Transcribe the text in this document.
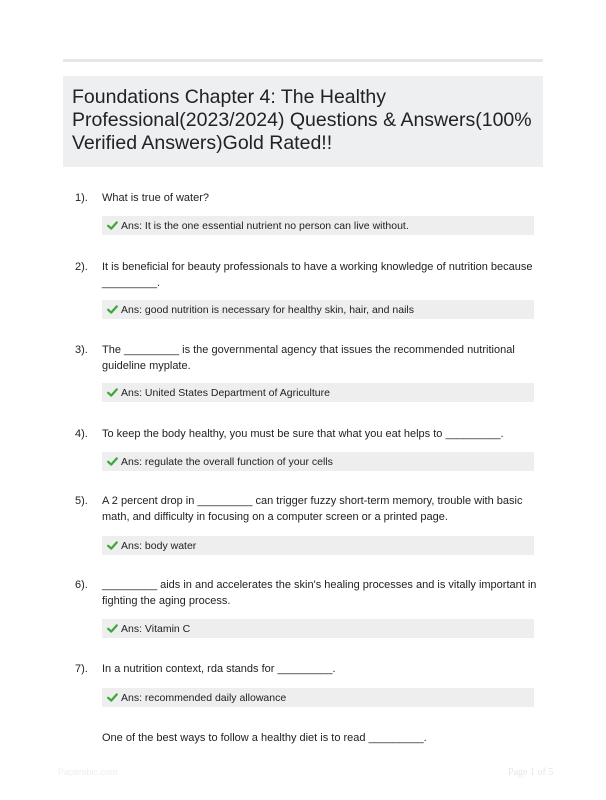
Foundations Chapter 4: The Healthy Professional(2023/2024) Questions & Answers(100% Verified Answers)Gold Rated!!
1). What is true of water?
Ans: It is the one essential nutrient no person can live without.
2). It is beneficial for beauty professionals to have a working knowledge of nutrition because _________.
Ans: good nutrition is necessary for healthy skin, hair, and nails
3). The _________ is the governmental agency that issues the recommended nutritional guideline myplate.
Ans: United States Department of Agriculture
4). To keep the body healthy, you must be sure that what you eat helps to _________.
Ans: regulate the overall function of your cells
5). A 2 percent drop in _________ can trigger fuzzy short-term memory, trouble with basic math, and difficulty in focusing on a computer screen or a printed page.
Ans: body water
6). _________ aids in and accelerates the skin's healing processes and is vitally important in fighting the aging process.
Ans: Vitamin C
7). In a nutrition context, rda stands for _________.
Ans: recommended daily allowance
One of the best ways to follow a healthy diet is to read _________.
Papersbic.com	Page 1 of 5
